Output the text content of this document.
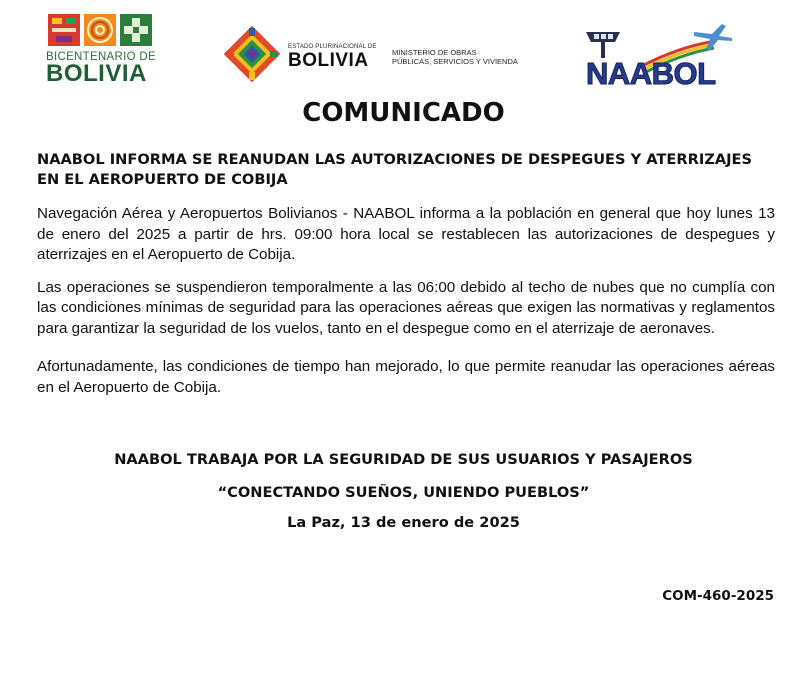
BICENTENARIO DE
BOLIVIA
ESTADO PLURINACIONAL DE
BOLIVIA	MINISTERIO DE OBRAS
PÚBLICAS, SERVICIOS Y VIVIENDA NAABOL
COMUNICADO

NAABOL INFORMA SE REANUDAN LAS AUTORIZACIONES DE DESPEGUES Y ATERRIZAJES EN EL AEROPUERTO DE COBIJA

Navegación Aérea y Aeropuertos Bolivianos - NAABOL informa a la población en general que hoy lunes 13 de enero del 2025 a partir de hrs. 09:00 hora local se restablecen las autorizaciones de despegues y aterrizajes en el Aeropuerto de Cobija.

Las operaciones se suspendieron temporalmente a las 06:00 debido al techo de nubes que no cumplía con las condiciones mínimas de seguridad para las operaciones aéreas que exigen las normativas y reglamentos para garantizar la seguridad de los vuelos, tanto en el despegue como en el aterrizaje de aeronaves.

Afortunadamente, las condiciones de tiempo han mejorado, lo que permite reanudar las operaciones aéreas en el Aeropuerto de Cobija.

NAABOL TRABAJA POR LA SEGURIDAD DE SUS USUARIOS Y PASAJEROS
“CONECTANDO SUEÑOS, UNIENDO PUEBLOS”
La Paz, 13 de enero de 2025
COM-460-2025
